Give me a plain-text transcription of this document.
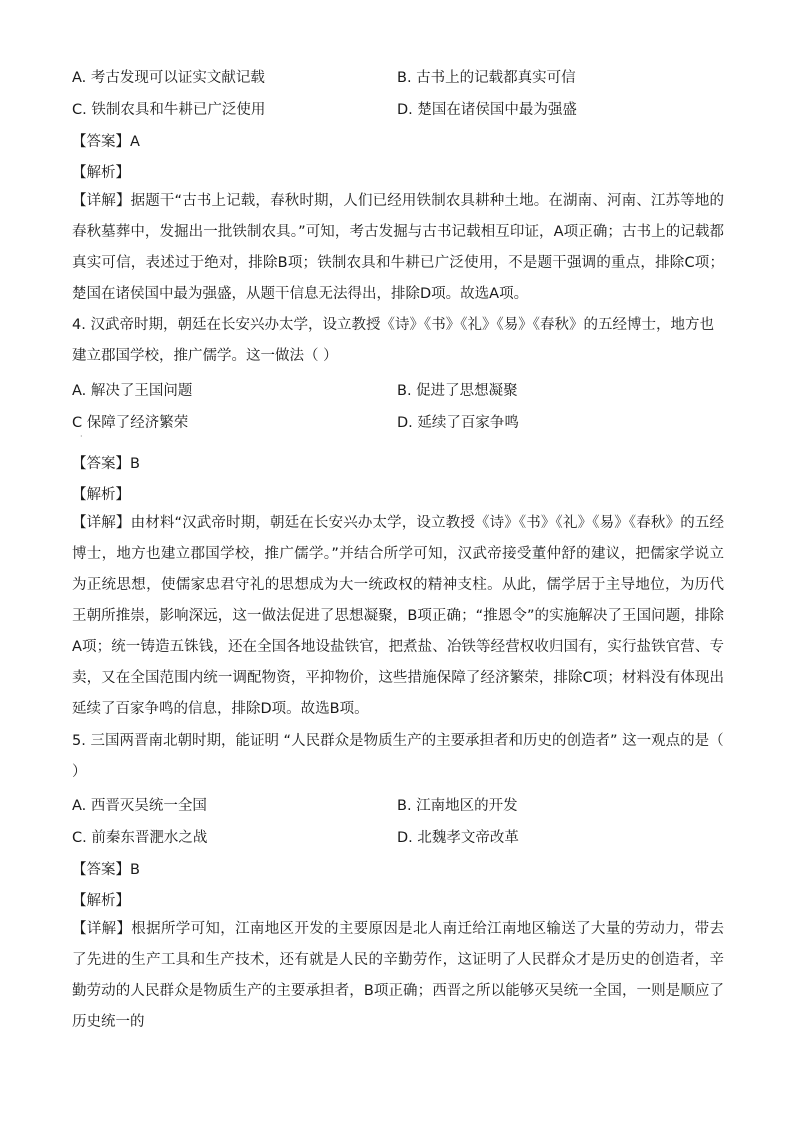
A. 考古发现可以证实文献记载	B. 古书上的记载都真实可信
C. 铁制农具和牛耕已广泛使用	D. 楚国在诸侯国中最为强盛
【答案】A
【解析】

【详解】据题干“古书上记载，春秋时期，人们已经用铁制农具耕种土地。在湖南、河南、江苏等地的春秋墓葬中，发掘出一批铁制农具。”可知，考古发掘与古书记载相互印证，A项正确；古书上的记载都真实可信，表述过于绝对，排除B项；铁制农具和牛耕已广泛使用，不是题干强调的重点，排除C项；楚国在诸侯国中最为强盛，从题干信息无法得出，排除D项。故选A项。

4. 汉武帝时期，朝廷在长安兴办太学，设立教授《诗》《书》《礼》《易》《春秋》的五经博士，地方也建立郡国学校，推广儒学。这一做法（ ）

A. 解决了王国问题	B. 促进了思想凝聚
C 保障了经济繁荣	D. 延续了百家争鸣
·
【答案】B
【解析】

【详解】由材料“汉武帝时期，朝廷在长安兴办太学，设立教授《诗》《书》《礼》《易》《春秋》的五经博士，地方也建立郡国学校，推广儒学。”并结合所学可知，汉武帝接受董仲舒的建议，把儒家学说立为正统思想，使儒家忠君守礼的思想成为大一统政权的精神支柱。从此，儒学居于主导地位，为历代王朝所推崇，影响深远，这一做法促进了思想凝聚，B项正确；“推恩令”的实施解决了王国问题，排除A项；统一铸造五铢钱，还在全国各地设盐铁官，把煮盐、冶铁等经营权收归国有，实行盐铁官营、专卖，又在全国范围内统一调配物资，平抑物价，这些措施保障了经济繁荣，排除C项；材料没有体现出延续了百家争鸣的信息，排除D项。故选B项。

5. 三国两晋南北朝时期，能证明 “人民群众是物质生产的主要承担者和历史的创造者” 这一观点的是（ ）

A. 西晋灭吴统一全国	B. 江南地区的开发
C. 前秦东晋淝水之战	D. 北魏孝文帝改革
【答案】B
【解析】

【详解】根据所学可知，江南地区开发的主要原因是北人南迁给江南地区输送了大量的劳动力，带去了先进的生产工具和生产技术，还有就是人民的辛勤劳作，这证明了人民群众才是历史的创造者，辛勤劳动的人民群众是物质生产的主要承担者，B项正确；西晋之所以能够灭吴统一全国，一则是顺应了历史统一的
